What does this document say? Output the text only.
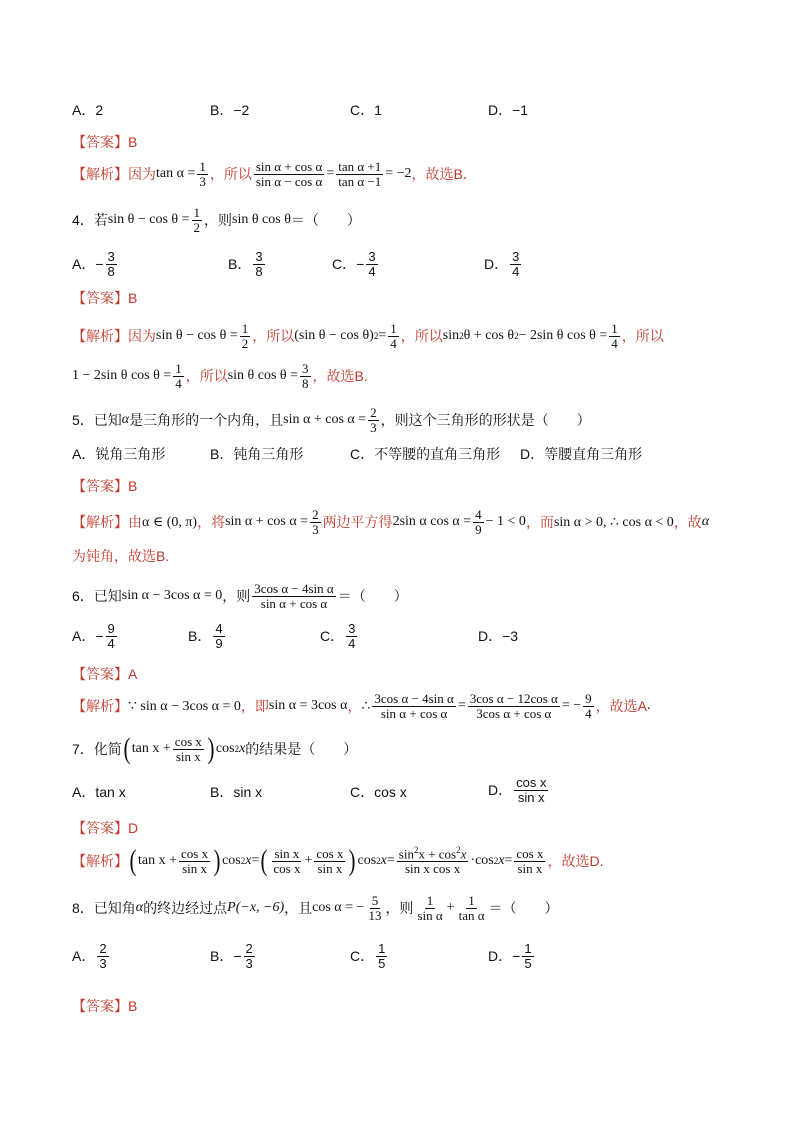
A．2	B．−2	C．1	D．−1
【答案】 B
【解析】 因为 $\tan \alpha = \frac{1}{3}$ ，所以 $\frac{\text{sin α + cos α}}{\text{sin α − cos α}} = \frac{\text{tan α +1}}{\text{tan α −1}} = -2$ ，故选 B ．
4．若 $\sin \theta - \cos \theta = \frac{1}{2}$ ，则 sin θ cos θ ＝（　　）
A． − $\frac{3}{8}$	B． $\frac{3}{8}$	C． − $\frac{3}{4}$	D． $\frac{3}{4}$
【答案】 B
【解析】 因为 $\sin \theta - \cos \theta = \frac{1}{2}$ ，所以 (sin θ − cos θ) $2 = \frac{1}{4}$ ，所以 sin 2 θ + cos θ 2 − 2sin θ $\cos \theta = \frac{1}{4}$ ，所以
1 − 2sin θ $\cos \theta = \frac{1}{4}$ ，所以 sin θ $\cos \theta = \frac{3}{8}$ ，故选 B.
5．已知 α 是三角形的一个内角，且 $\sin \alpha + \cos \alpha = \frac{2}{3}$ ，则这个三角形的形状是（　　）
A．锐角三角形	B．钝角三角形	C．不等腰的直角三角形 D．等腰直角三角形
【答案】 B
【解析】 由 α ∈ (0, π) ，将 $\sin \alpha + \cos \alpha = \frac{2}{3}$ 两边平方得 2sin α $\cos \alpha = \frac{4}{9} - 1 < 0$ ，而 sin α > 0, ∴ cos α < 0 ，故 α
为钝角，故选 B.
6．已知 sin α − 3cos α = 0 ，则 $\frac{\text{3cos α − 4sin α}}{\text{sin α + cos α}}$ ＝（　　）
A． − $\frac{9}{4}$	B． $\frac{4}{9}$	C． $\frac{3}{4}$	D．−3
【答案】 A
【解析】 ∵ sin α − 3cos α = 0 ，即 sin α = 3cos α ， ∴ $\frac{\text{3cos α − 4sin α}}{\text{sin α + cos α}} = \frac{\text{3cos α − 12cos α}}{\text{3cos α + cos α}}$ = − $\frac{9}{4}$ ，故选 A .
7．化简 ( $\tan x + \frac{\text{cos x}}{\text{sin x}}$ ) cos 2 x 的结果是（　　）
A．tan x	B．sin x	C．cos x	D． $\frac{\text{cos x}}{\text{sin x}}$
【答案】 D
【解析】 ( $\tan x + \frac{\text{cos x}}{\text{sin x}}$ ) cos 2 x = ( $\frac{\text{sin x}}{\text{cos x}} + \frac{\text{cos x}}{\text{sin x}}$ ) cos 2 $x = \frac{\sin^2x + \cos^2x}{\text{sin x cos x}} \cdot \cos 2$ $x = \frac{\text{cos x}}{\text{sin x}}$ ，故选 D.
8．已知角 α 的终边经过点 P(−x, −6) ，且 cos α = − $\frac{5}{13}$ ，则 $\frac{1}{\text{sin α}} + \frac{1}{\text{tan α}}$ ＝（　　）
A． $\frac{2}{3}$	B． − $\frac{2}{3}$	C． $\frac{1}{5}$	D． − $\frac{1}{5}$
【答案】 B
